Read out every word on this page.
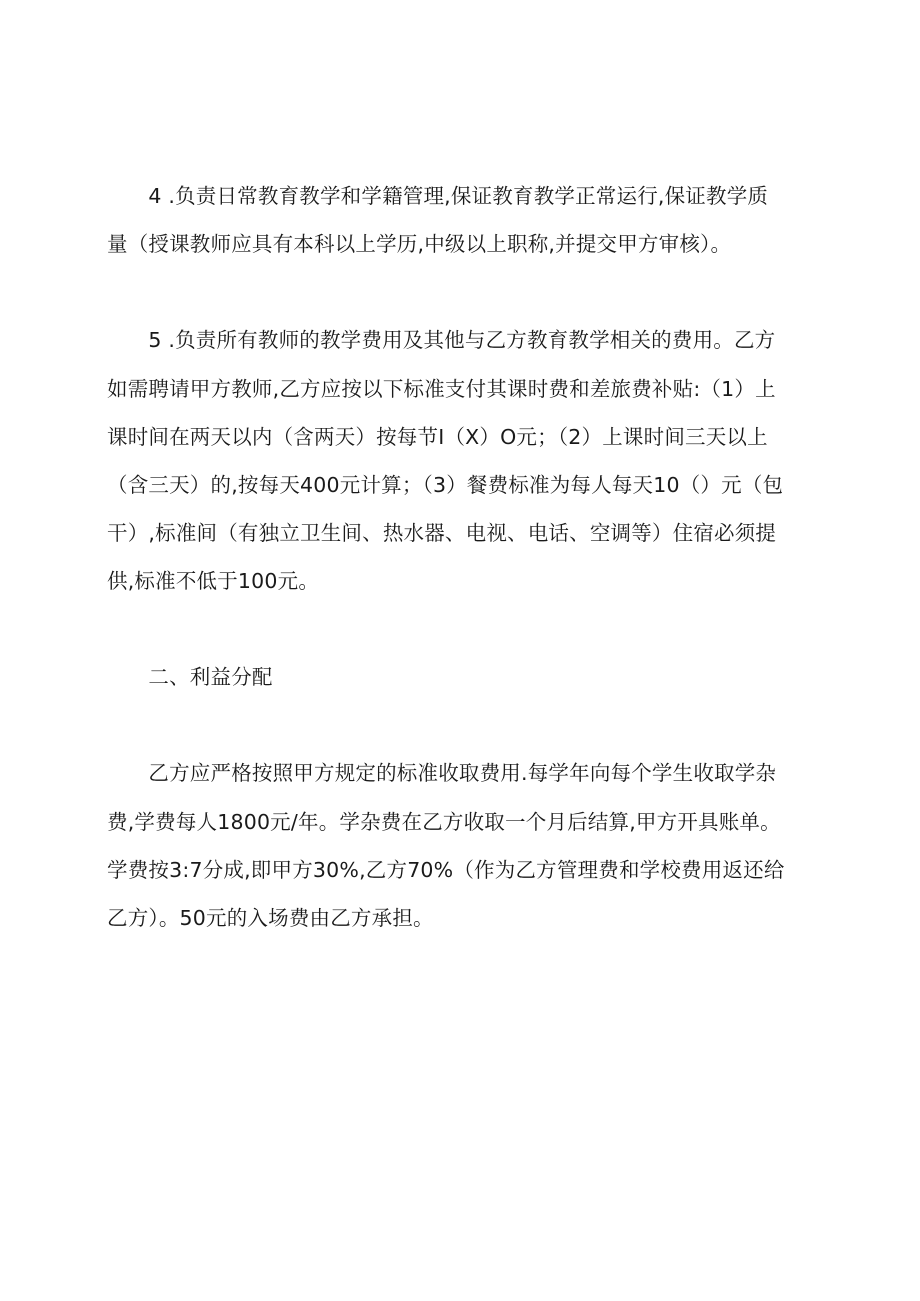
　　4 .负责日常教育教学和学籍管理,保证教育教学正常运行,保证教学质
量（授课教师应具有本科以上学历,中级以上职称,并提交甲方审核）。
　　5 .负责所有教师的教学费用及其他与乙方教育教学相关的费用。乙方
如需聘请甲方教师,乙方应按以下标准支付其课时费和差旅费补贴:（1）上
课时间在两天以内（含两天）按每节I（X）O元；（2）上课时间三天以上
（含三天）的,按每天400元计算；（3）餐费标准为每人每天10（）元（包
干）,标准间（有独立卫生间、热水器、电视、电话、空调等）住宿必须提
供,标准不低于100元。
　　二、利益分配
　　乙方应严格按照甲方规定的标准收取费用.每学年向每个学生收取学杂
费,学费每人1800元/年。学杂费在乙方收取一个月后结算,甲方开具账单。
学费按3:7分成,即甲方30%,乙方70%（作为乙方管理费和学校费用返还给
乙方）。50元的入场费由乙方承担。
